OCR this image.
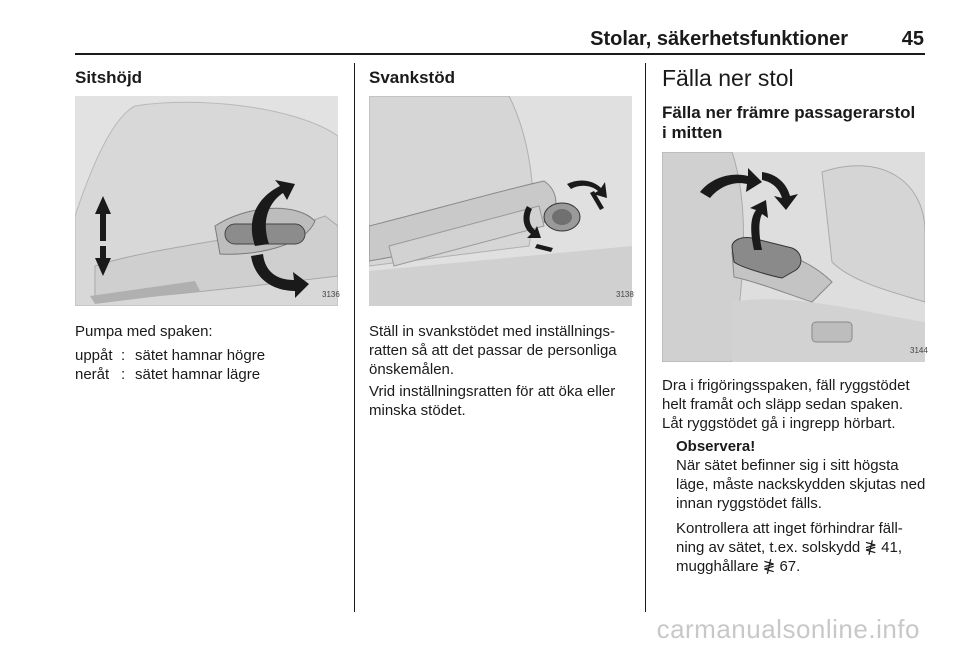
Stolar, säkerhetsfunktioner	45
Sitshöjd
3136
Pumpa med spaken:
uppåt : sätet hamnar högre
neråt : sätet hamnar lägre
Svankstöd
3138
Ställ in svankstödet med inställnings-ratten så att det passar de personliga önskemålen.
Vrid inställningsratten för att öka eller minska stödet.
Fälla ner stol
Fälla ner främre passagerarstol i mitten
3144
Dra i frigöringsspaken, fäll ryggstödet helt framåt och släpp sedan spaken. Låt ryggstödet gå i ingrepp hörbart.
Observera!
När sätet befinner sig i sitt högsta läge, måste nackskydden skjutas ned innan ryggstödet fälls.
Kontrollera att inget förhindrar fäll-ning av sätet, t.ex. solskydd ≹ 41, mugghållare ≹ 67.
carmanualsonline.info
